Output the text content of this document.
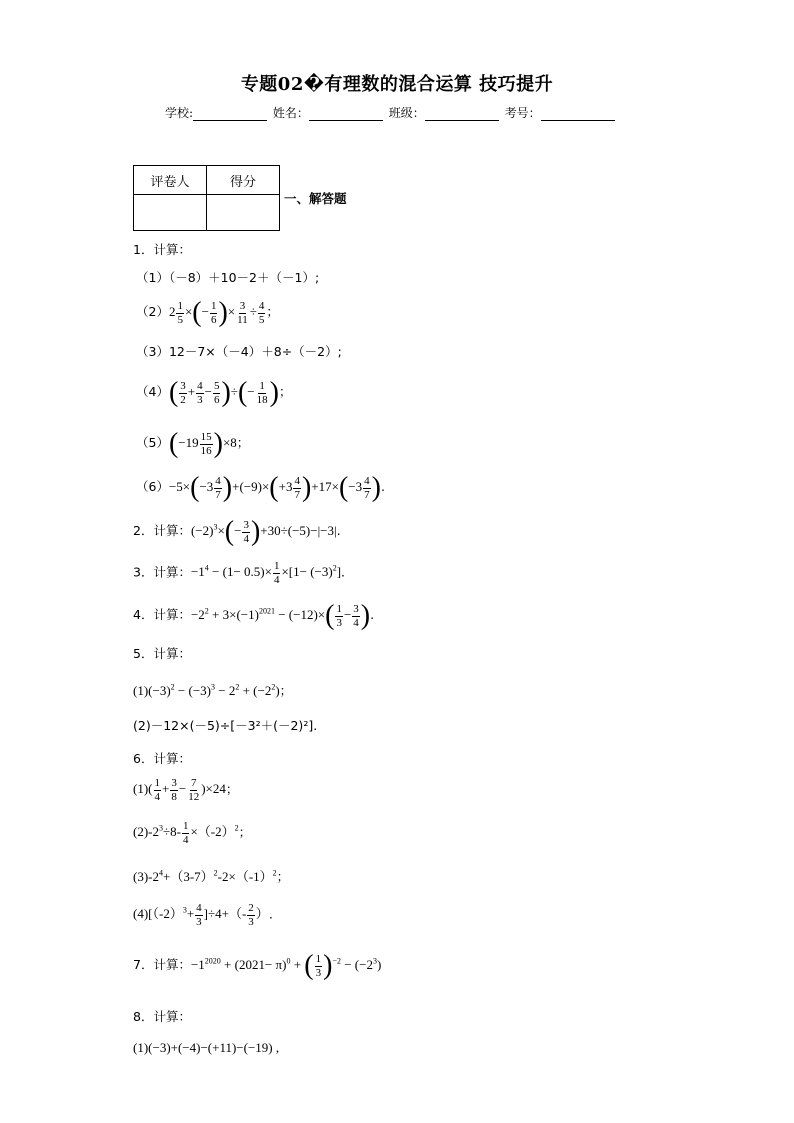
专题02�有理数的混合运算 技巧提升
学校:	姓名：	班级：	考号：
评卷人	得分

一、解答题
1．计算：
（1）（－8）＋10－2＋（－1）;
$(2)2 \frac{1}{5}$ ×(− $\frac{1}{6}$ )× $\frac{3}{11} \div \frac{4}{5}$ ；
（3）12－7×（－4）＋8÷（－2）;
$(4)( \frac{3}{2} + \frac{4}{3} - \frac{5}{6}$ )÷(− $\frac{1}{18}$ )；
$(5)(-19 \frac{15}{16} )\times 8$；
$(6)-5\times(-3 \frac{4}{7} )+(-9)\times(+3 \frac{4}{7} )+17\times(-3 \frac{4}{7}$ ).
2．计算：$(-2)^3\times(- \frac{3}{4} )+30\div(-5)-|-3|$.
3．计算：$-1^4 - (1- 0.5)\times \frac{1}{4} \times[1- (-3)^2]$.
4．计算：$-2^2 + 3\times(-1)^{2021} - (-12)\times( \frac{1}{3} - \frac{3}{4}$ ).
5．计算：
$(1)(-3)^2 - (-3)^3 - 2^2 + (-2^2)$；
(2)－12×(－5)÷[－3²＋(－2)²].
6．计算：
$(1)( \frac{1}{4} + \frac{3}{8} - \frac{7}{12} )\times 24$；
$(2)-2^3\div 8- \frac{1}{4} \times(-2)^2$；
$(3)-2^4+(3-7)^2-2\times(-1)^2$；
$(4)[(-2)^3+ \frac{4}{3} ]\div 4+(- \frac{2}{3}$ ）.
7．计算：$-1^{2020} + (2021- \pi)^0$ + ( $\frac{1}{3} )^{-2} - (-2^3)$
8．计算：
(1)(−3)+(−4)−(+11)−(−19) ,
